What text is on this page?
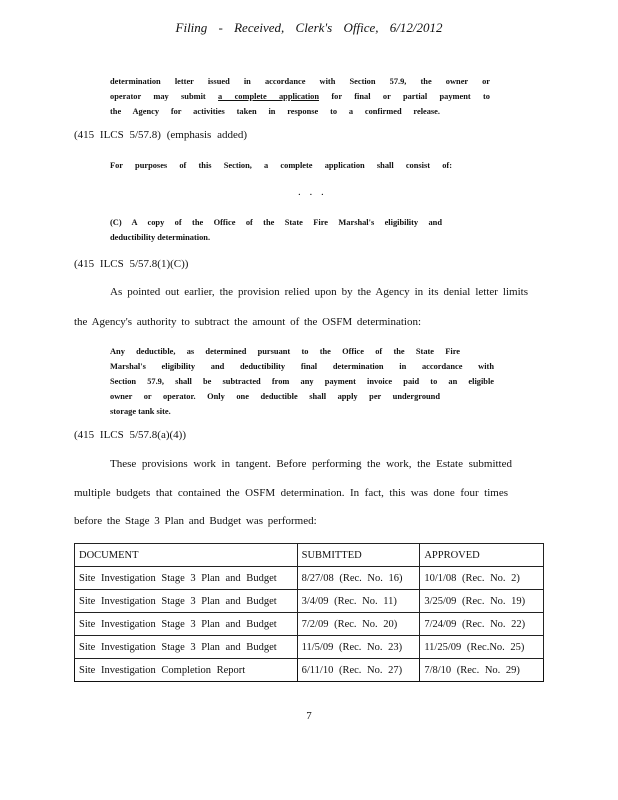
Filing - Received, Clerk's Office, 6/12/2012
determination letter issued in accordance with Section 57.9, the owner or
operator may submit a complete application for final or partial payment to
the Agency for activities taken in response to a confirmed release.
(415 ILCS 5/57.8) (emphasis added)
For purposes of this Section, a complete application shall consist of:
. . .
(C) A copy of the Office of the State Fire Marshal's eligibility and
deductibility determination.
(415 ILCS 5/57.8(1)(C))
As pointed out earlier, the provision relied upon by the Agency in its denial letter limits
the Agency's authority to subtract the amount of the OSFM determination:
Any deductible, as determined pursuant to the Office of the State Fire
Marshal's eligibility and deductibility final determination in accordance with
Section 57.9, shall be subtracted from any payment invoice paid to an eligible
owner or operator. Only one deductible shall apply per underground
storage tank site.
(415 ILCS 5/57.8(a)(4))
These provisions work in tangent. Before performing the work, the Estate submitted
multiple budgets that contained the OSFM determination. In fact, this was done four times
before the Stage 3 Plan and Budget was performed:
DOCUMENT	SUBMITTED	APPROVED
Site Investigation Stage 3 Plan and Budget	8/27/08 (Rec. No. 16)	10/1/08 (Rec. No. 2)
Site Investigation Stage 3 Plan and Budget	3/4/09 (Rec. No. 11)	3/25/09 (Rec. No. 19)
Site Investigation Stage 3 Plan and Budget	7/2/09 (Rec. No. 20)	7/24/09 (Rec. No. 22)
Site Investigation Stage 3 Plan and Budget	11/5/09 (Rec. No. 23)	11/25/09 (Rec.No. 25)
Site Investigation Completion Report	6/11/10 (Rec. No. 27)	7/8/10 (Rec. No. 29)
7
